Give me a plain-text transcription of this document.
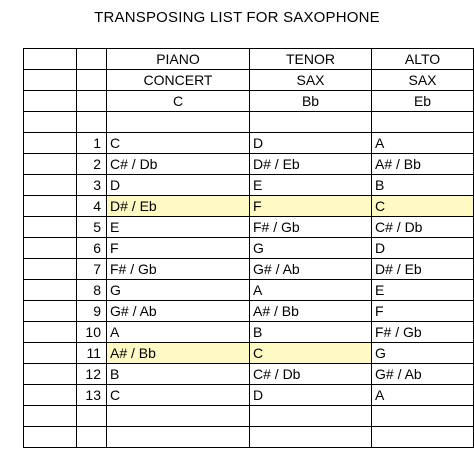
TRANSPOSING LIST FOR SAXOPHONE
		PIANO	TENOR	ALTO
		CONCERT	SAX	SAX
		C	Bb	Eb

	1	C	D	A
	2	C# / Db	D# / Eb	A# / Bb
	3	D	E	B
	4	D# / Eb	F	C
	5	E	F# / Gb	C# / Db
	6	F	G	D
	7	F# / Gb	G# / Ab	D# / Eb
	8	G	A	E
	9	G# / Ab	A# / Bb	F
	10	A	B	F# / Gb
	11	A# / Bb	C	G
	12	B	C# / Db	G# / Ab
	13	C	D	A
